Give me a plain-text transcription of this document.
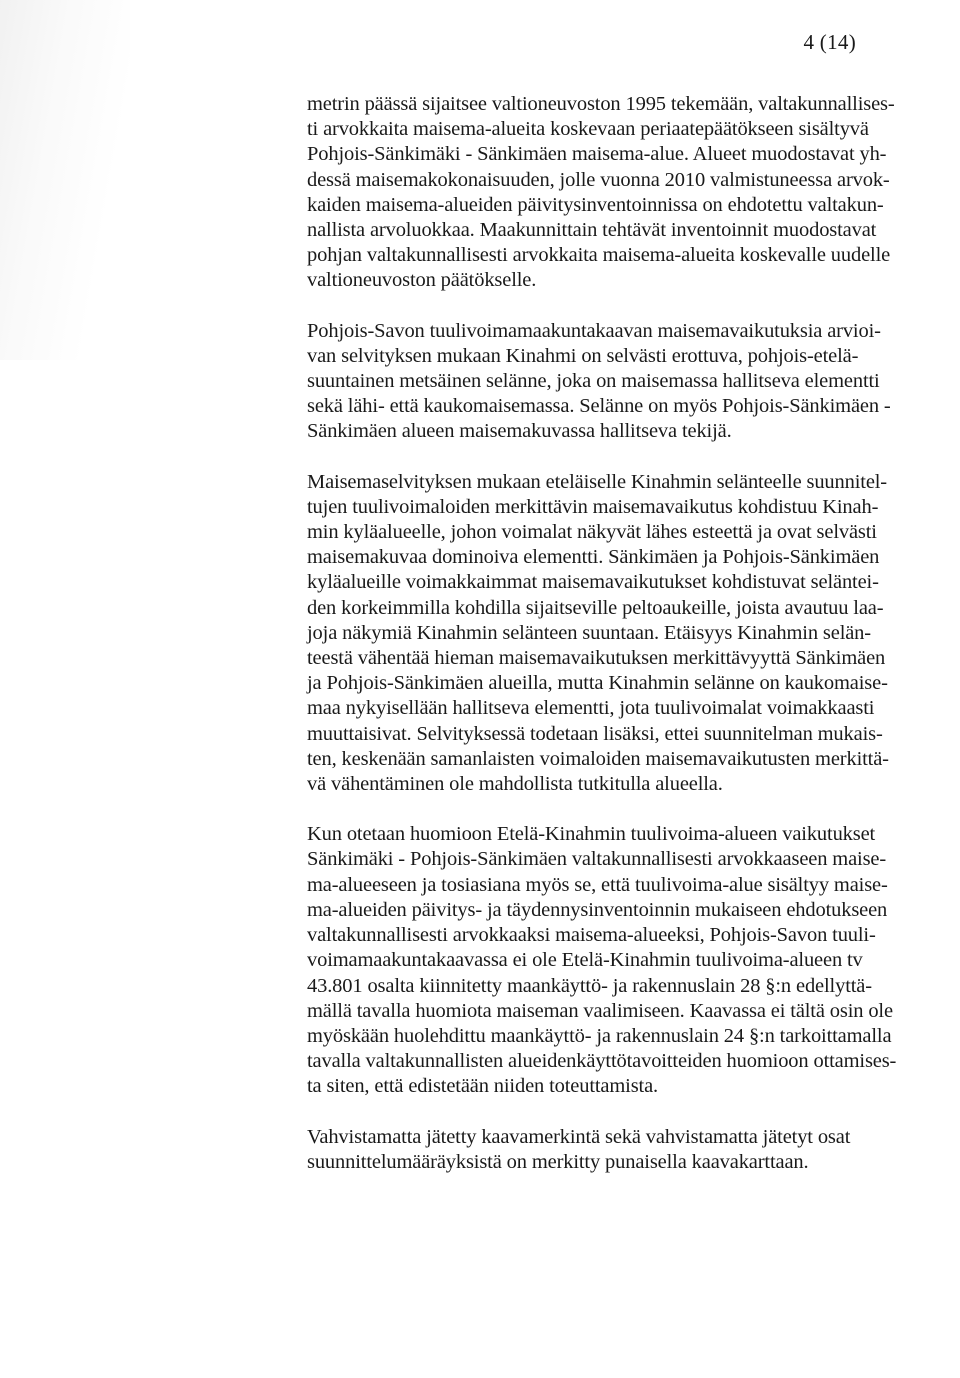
4 (14)

metrin päässä sijaitsee valtioneuvoston 1995 tekemään, valtakunnallises-
ti arvokkaita maisema-alueita koskevaan periaatepäätökseen sisältyvä
Pohjois-Sänkimäki - Sänkimäen maisema-alue. Alueet muodostavat yh-
dessä maisemakokonaisuuden, jolle vuonna 2010 valmistuneessa arvok-
kaiden maisema-alueiden päivitysinventoinnissa on ehdotettu valtakun-
nallista arvoluokkaa. Maakunnittain tehtävät inventoinnit muodostavat
pohjan valtakunnallisesti arvokkaita maisema-alueita koskevalle uudelle
valtioneuvoston päätökselle.

Pohjois-Savon tuulivoimamaakuntakaavan maisemavaikutuksia arvioi-
van selvityksen mukaan Kinahmi on selvästi erottuva, pohjois-etelä-
suuntainen metsäinen selänne, joka on maisemassa hallitseva elementti
sekä lähi- että kaukomaisemassa. Selänne on myös Pohjois-Sänkimäen -
Sänkimäen alueen maisemakuvassa hallitseva tekijä.

Maisemaselvityksen mukaan eteläiselle Kinahmin selänteelle suunnitel-
tujen tuulivoimaloiden merkittävin maisemavaikutus kohdistuu Kinah-
min kyläalueelle, johon voimalat näkyvät lähes esteettä ja ovat selvästi
maisemakuvaa dominoiva elementti. Sänkimäen ja Pohjois-Sänkimäen
kyläalueille voimakkaimmat maisemavaikutukset kohdistuvat seläntei-
den korkeimmilla kohdilla sijaitseville peltoaukeille, joista avautuu laa-
joja näkymiä Kinahmin selänteen suuntaan. Etäisyys Kinahmin selän-
teestä vähentää hieman maisemavaikutuksen merkittävyyttä Sänkimäen
ja Pohjois-Sänkimäen alueilla, mutta Kinahmin selänne on kaukomaise-
maa nykyisellään hallitseva elementti, jota tuulivoimalat voimakkaasti
muuttaisivat. Selvityksessä todetaan lisäksi, ettei suunnitelman mukais-
ten, keskenään samanlaisten voimaloiden maisemavaikutusten merkittä-
vä vähentäminen ole mahdollista tutkitulla alueella.

Kun otetaan huomioon Etelä-Kinahmin tuulivoima-alueen vaikutukset
Sänkimäki - Pohjois-Sänkimäen valtakunnallisesti arvokkaaseen maise-
ma-alueeseen ja tosiasiana myös se, että tuulivoima-alue sisältyy maise-
ma-alueiden päivitys- ja täydennysinventoinnin mukaiseen ehdotukseen
valtakunnallisesti arvokkaaksi maisema-alueeksi, Pohjois-Savon tuuli-
voimamaakuntakaavassa ei ole Etelä-Kinahmin tuulivoima-alueen tv
43.801 osalta kiinnitetty maankäyttö- ja rakennuslain 28 §:n edellyttä-
mällä tavalla huomiota maiseman vaalimiseen. Kaavassa ei tältä osin ole
myöskään huolehdittu maankäyttö- ja rakennuslain 24 §:n tarkoittamalla
tavalla valtakunnallisten alueidenkäyttötavoitteiden huomioon ottamises-
ta siten, että edistetään niiden toteuttamista.

Vahvistamatta jätetty kaavamerkintä sekä vahvistamatta jätetyt osat
suunnittelumääräyksistä on merkitty punaisella kaavakarttaan.
